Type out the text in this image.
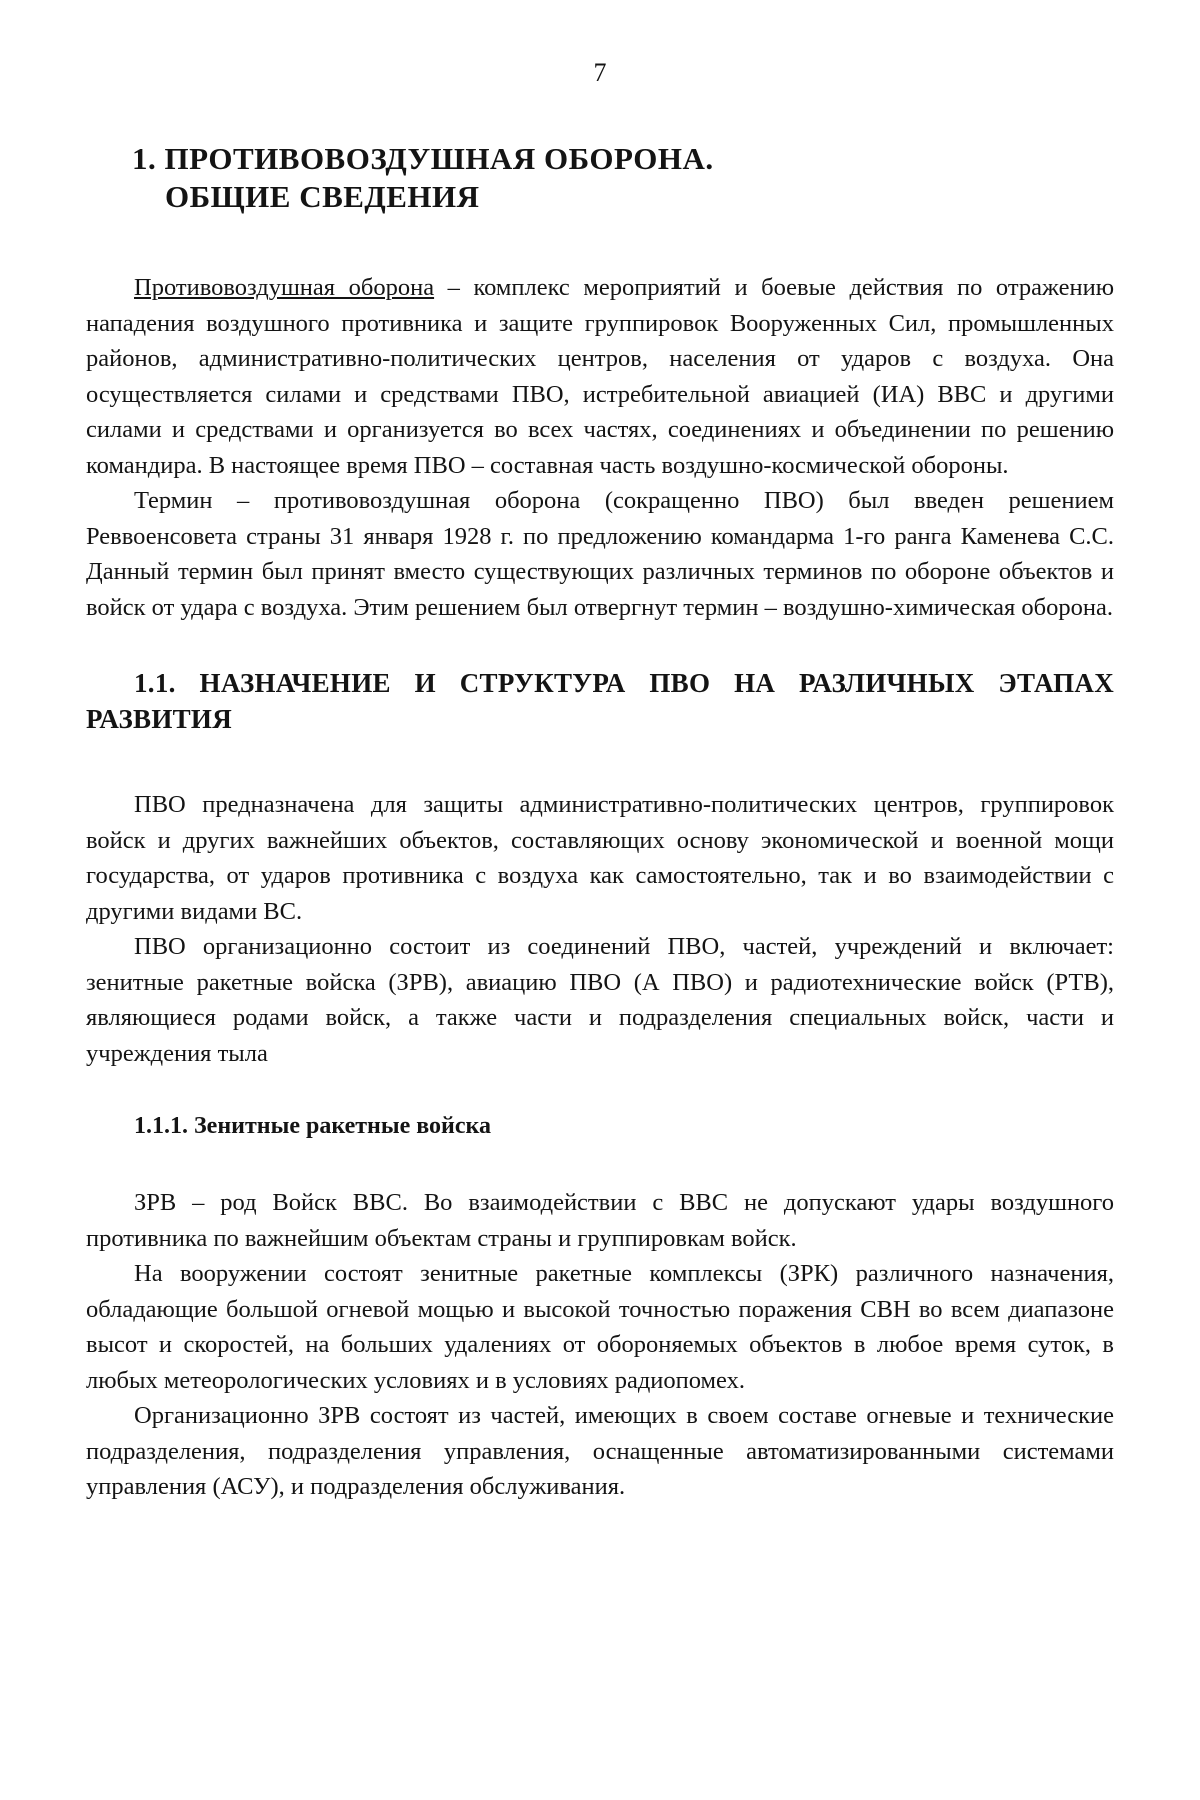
7
1. ПРОТИВОВОЗДУШНАЯ ОБОРОНА.
ОБЩИЕ СВЕДЕНИЯ

Противовоздушная оборона – комплекс мероприятий и боевые действия по отражению нападения воздушного противника и защите группировок Вооруженных Сил, промышленных районов, административно-политических центров, населения от ударов с воздуха. Она осуществляется силами и средствами ПВО, истребительной авиацией (ИА) ВВС и другими силами и средствами и организуется во всех частях, соединениях и объединении по решению командира. В настоящее время ПВО – составная часть воздушно-космической обороны.

Термин – противовоздушная оборона (сокращенно ПВО) был введен решением Реввоенсовета страны 31 января 1928 г. по предложению командарма 1-го ранга Каменева С.С. Данный термин был принят вместо существующих различных терминов по обороне объектов и войск от удара с воздуха. Этим решением был отвергнут термин – воздушно-химическая оборона.

1.1. НАЗНАЧЕНИЕ И СТРУКТУРА ПВО НА РАЗЛИЧНЫХ ЭТАПАХ РАЗВИТИЯ

ПВО предназначена для защиты административно-политических центров, группировок войск и других важнейших объектов, составляющих основу экономической и военной мощи государства, от ударов противника с воздуха как самостоятельно, так и во взаимодействии с другими видами ВС.

ПВО организационно состоит из соединений ПВО, частей, учреждений и включает: зенитные ракетные войска (ЗРВ), авиацию ПВО (А ПВО) и радиотехнические войск (РТВ), являющиеся родами войск, а также части и подразделения специальных войск, части и учреждения тыла

1.1.1. Зенитные ракетные войска

ЗРВ – род Войск ВВС. Во взаимодействии с ВВС не допускают удары воздушного противника по важнейшим объектам страны и группировкам войск.

На вооружении состоят зенитные ракетные комплексы (ЗРК) различного назначения, обладающие большой огневой мощью и высокой точностью поражения СВН во всем диапазоне высот и скоростей, на больших удалениях от обороняемых объектов в любое время суток, в любых метеорологических условиях и в условиях радиопомех.

Организационно ЗРВ состоят из частей, имеющих в своем составе огневые и технические подразделения, подразделения управления, оснащенные автоматизированными системами управления (АСУ), и подразделения обслуживания.
